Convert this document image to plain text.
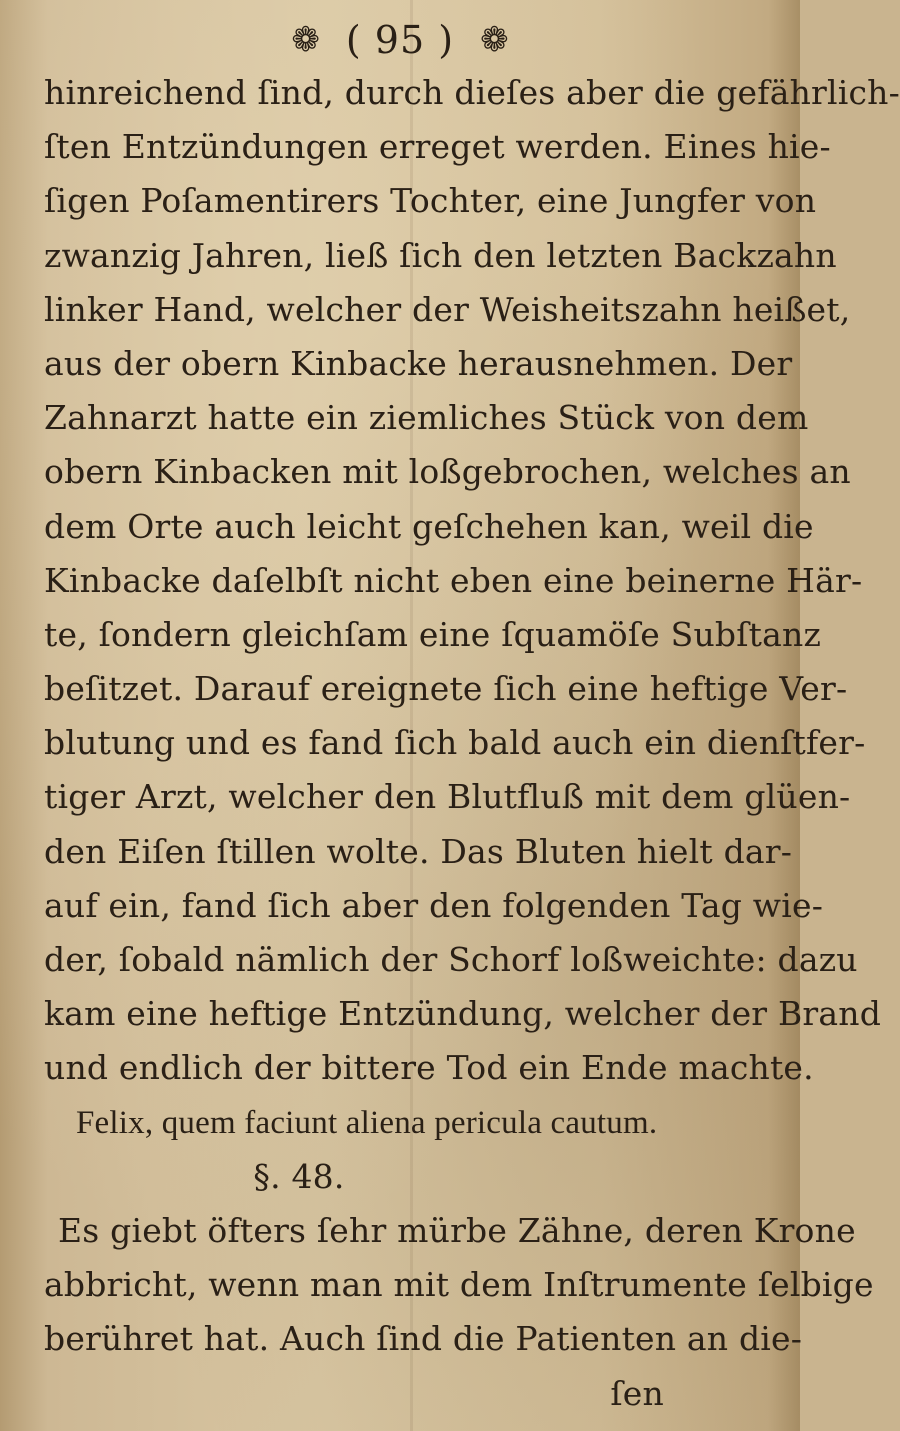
❁ ( 95 ) ❁
hinreichend ſind, durch dieſes aber die gefährlich-
ſten Entzündungen erreget werden. Eines hie-
ſigen Poſamentirers Tochter, eine Jungfer von
zwanzig Jahren, ließ ſich den letzten Backzahn
linker Hand, welcher der Weisheitszahn heißet,
aus der obern Kinbacke herausnehmen. Der
Zahnarzt hatte ein ziemliches Stück von dem
obern Kinbacken mit loßgebrochen, welches an
dem Orte auch leicht geſchehen kan, weil die
Kinbacke daſelbſt nicht eben eine beinerne Här-
te, ſondern gleichſam eine ſquamöſe Subſtanz
beſitzet. Darauf ereignete ſich eine heftige Ver-
blutung und es fand ſich bald auch ein dienſtfer-
tiger Arzt, welcher den Blutfluß mit dem glüen-
den Eiſen ſtillen wolte. Das Bluten hielt dar-
auf ein, fand ſich aber den folgenden Tag wie-
der, ſobald nämlich der Schorf loßweichte: dazu
kam eine heftige Entzündung, welcher der Brand
und endlich der bittere Tod ein Ende machte.
Felix, quem faciunt aliena pericula cautum.
§. 48.
Es giebt öfters ſehr mürbe Zähne, deren Krone
abbricht, wenn man mit dem Inſtrumente ſelbige
berühret hat. Auch ſind die Patienten an die-
ſen
